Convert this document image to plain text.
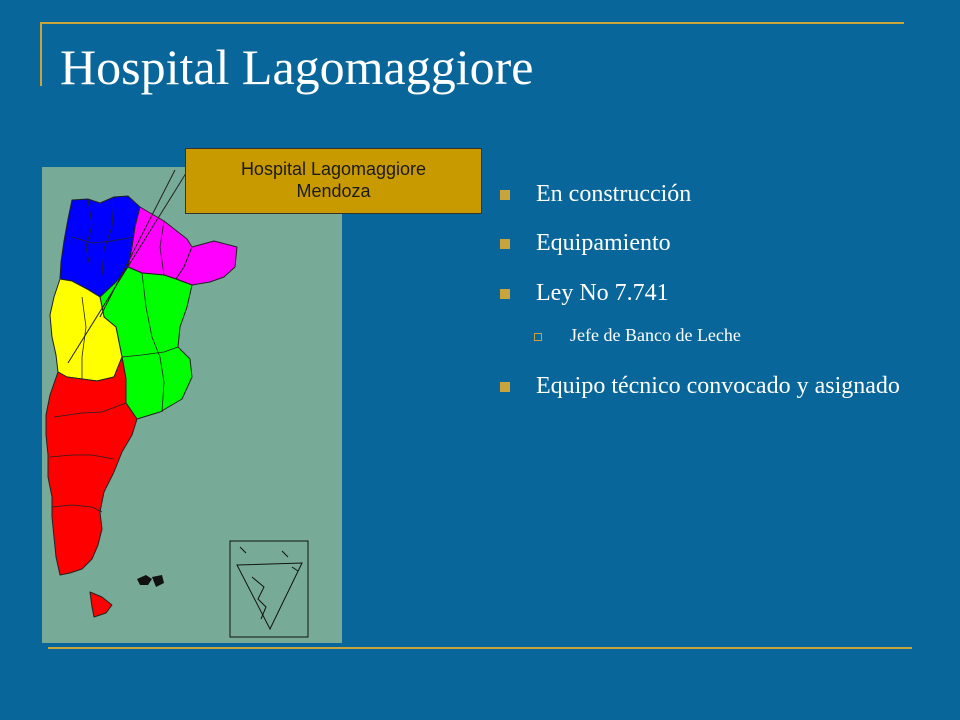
Hospital Lagomaggiore
Hospital Lagomaggiore
Mendoza	En construcción
Equipamiento
Ley No 7.741
Jefe de Banco de Leche
Equipo técnico convocado y asignado
